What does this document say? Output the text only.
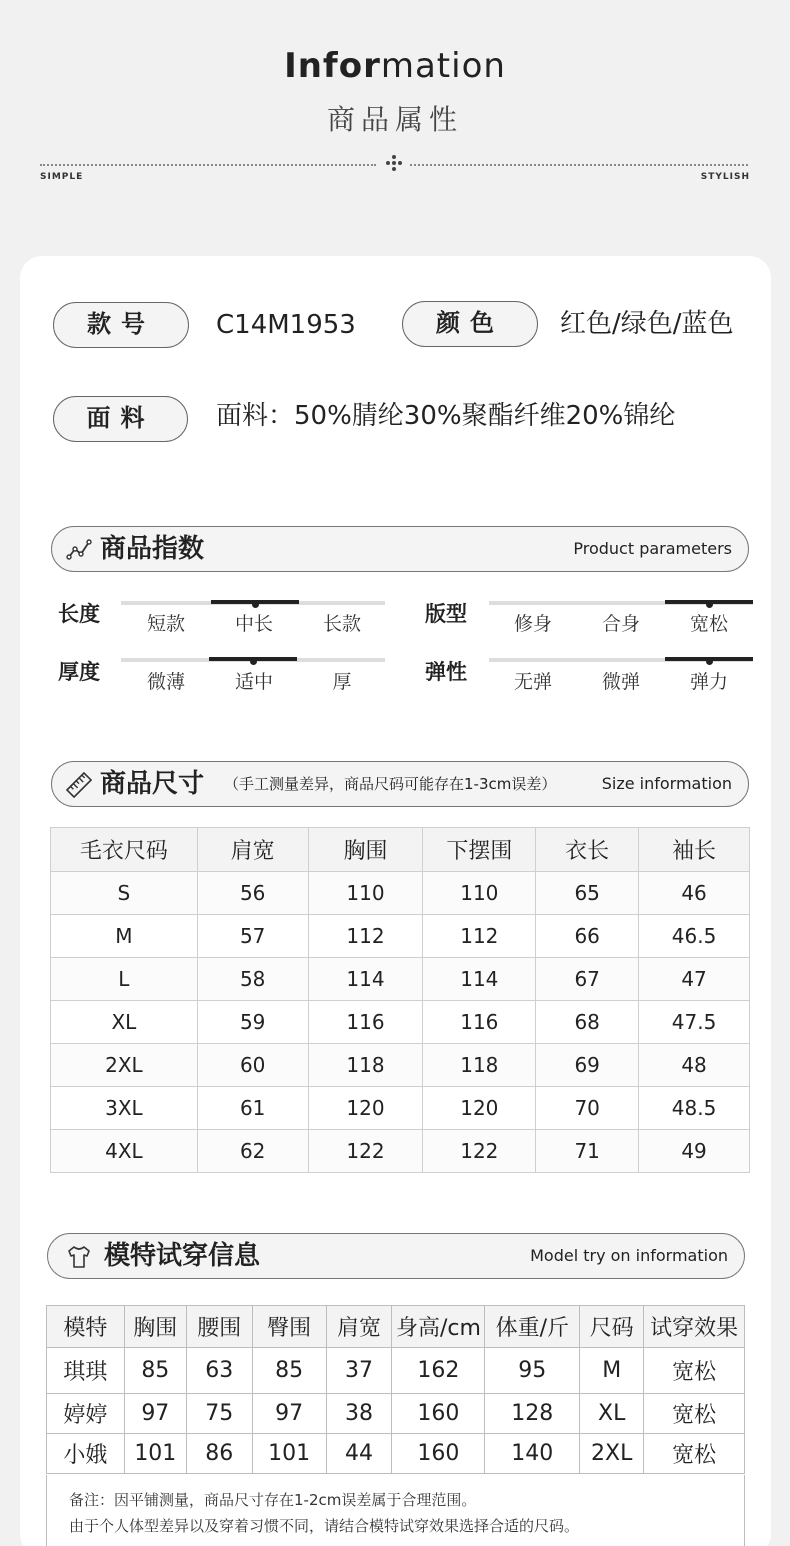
Information
商品属性
SIMPLE	STYLISH
款号	C14M1953	颜色	红色/绿色/蓝色
面料	面料：50%腈纶30%聚酯纤维20%锦纶
商品指数	Product parameters
长度	短款	中长	长款
厚度	微薄	适中	厚
版型	修身	合身	宽松
弹性	无弹	微弹	弹力
商品尺寸 （手工测量差异，商品尺码可能存在1-3cm误差）	Size information
毛衣尺码	肩宽	胸围	下摆围	衣长	袖长
S	56	110	110	65	46
M	57	112	112	66	46.5
L	58	114	114	67	47
XL	59	116	116	68	47.5
2XL	60	118	118	69	48
3XL	61	120	120	70	48.5
4XL	62	122	122	71	49
模特试穿信息	Model try on information
模特	胸围	腰围	臀围	肩宽	身高/cm	体重/斤	尺码	试穿效果
琪琪	85	63	85	37	162	95	M	宽松
婷婷	97	75	97	38	160	128	XL	宽松
小娥	101	86	101	44	160	140	2XL	宽松
备注：因平铺测量，商品尺寸存在1-2cm误差属于合理范围。
由于个人体型差异以及穿着习惯不同，请结合模特试穿效果选择合适的尺码。
